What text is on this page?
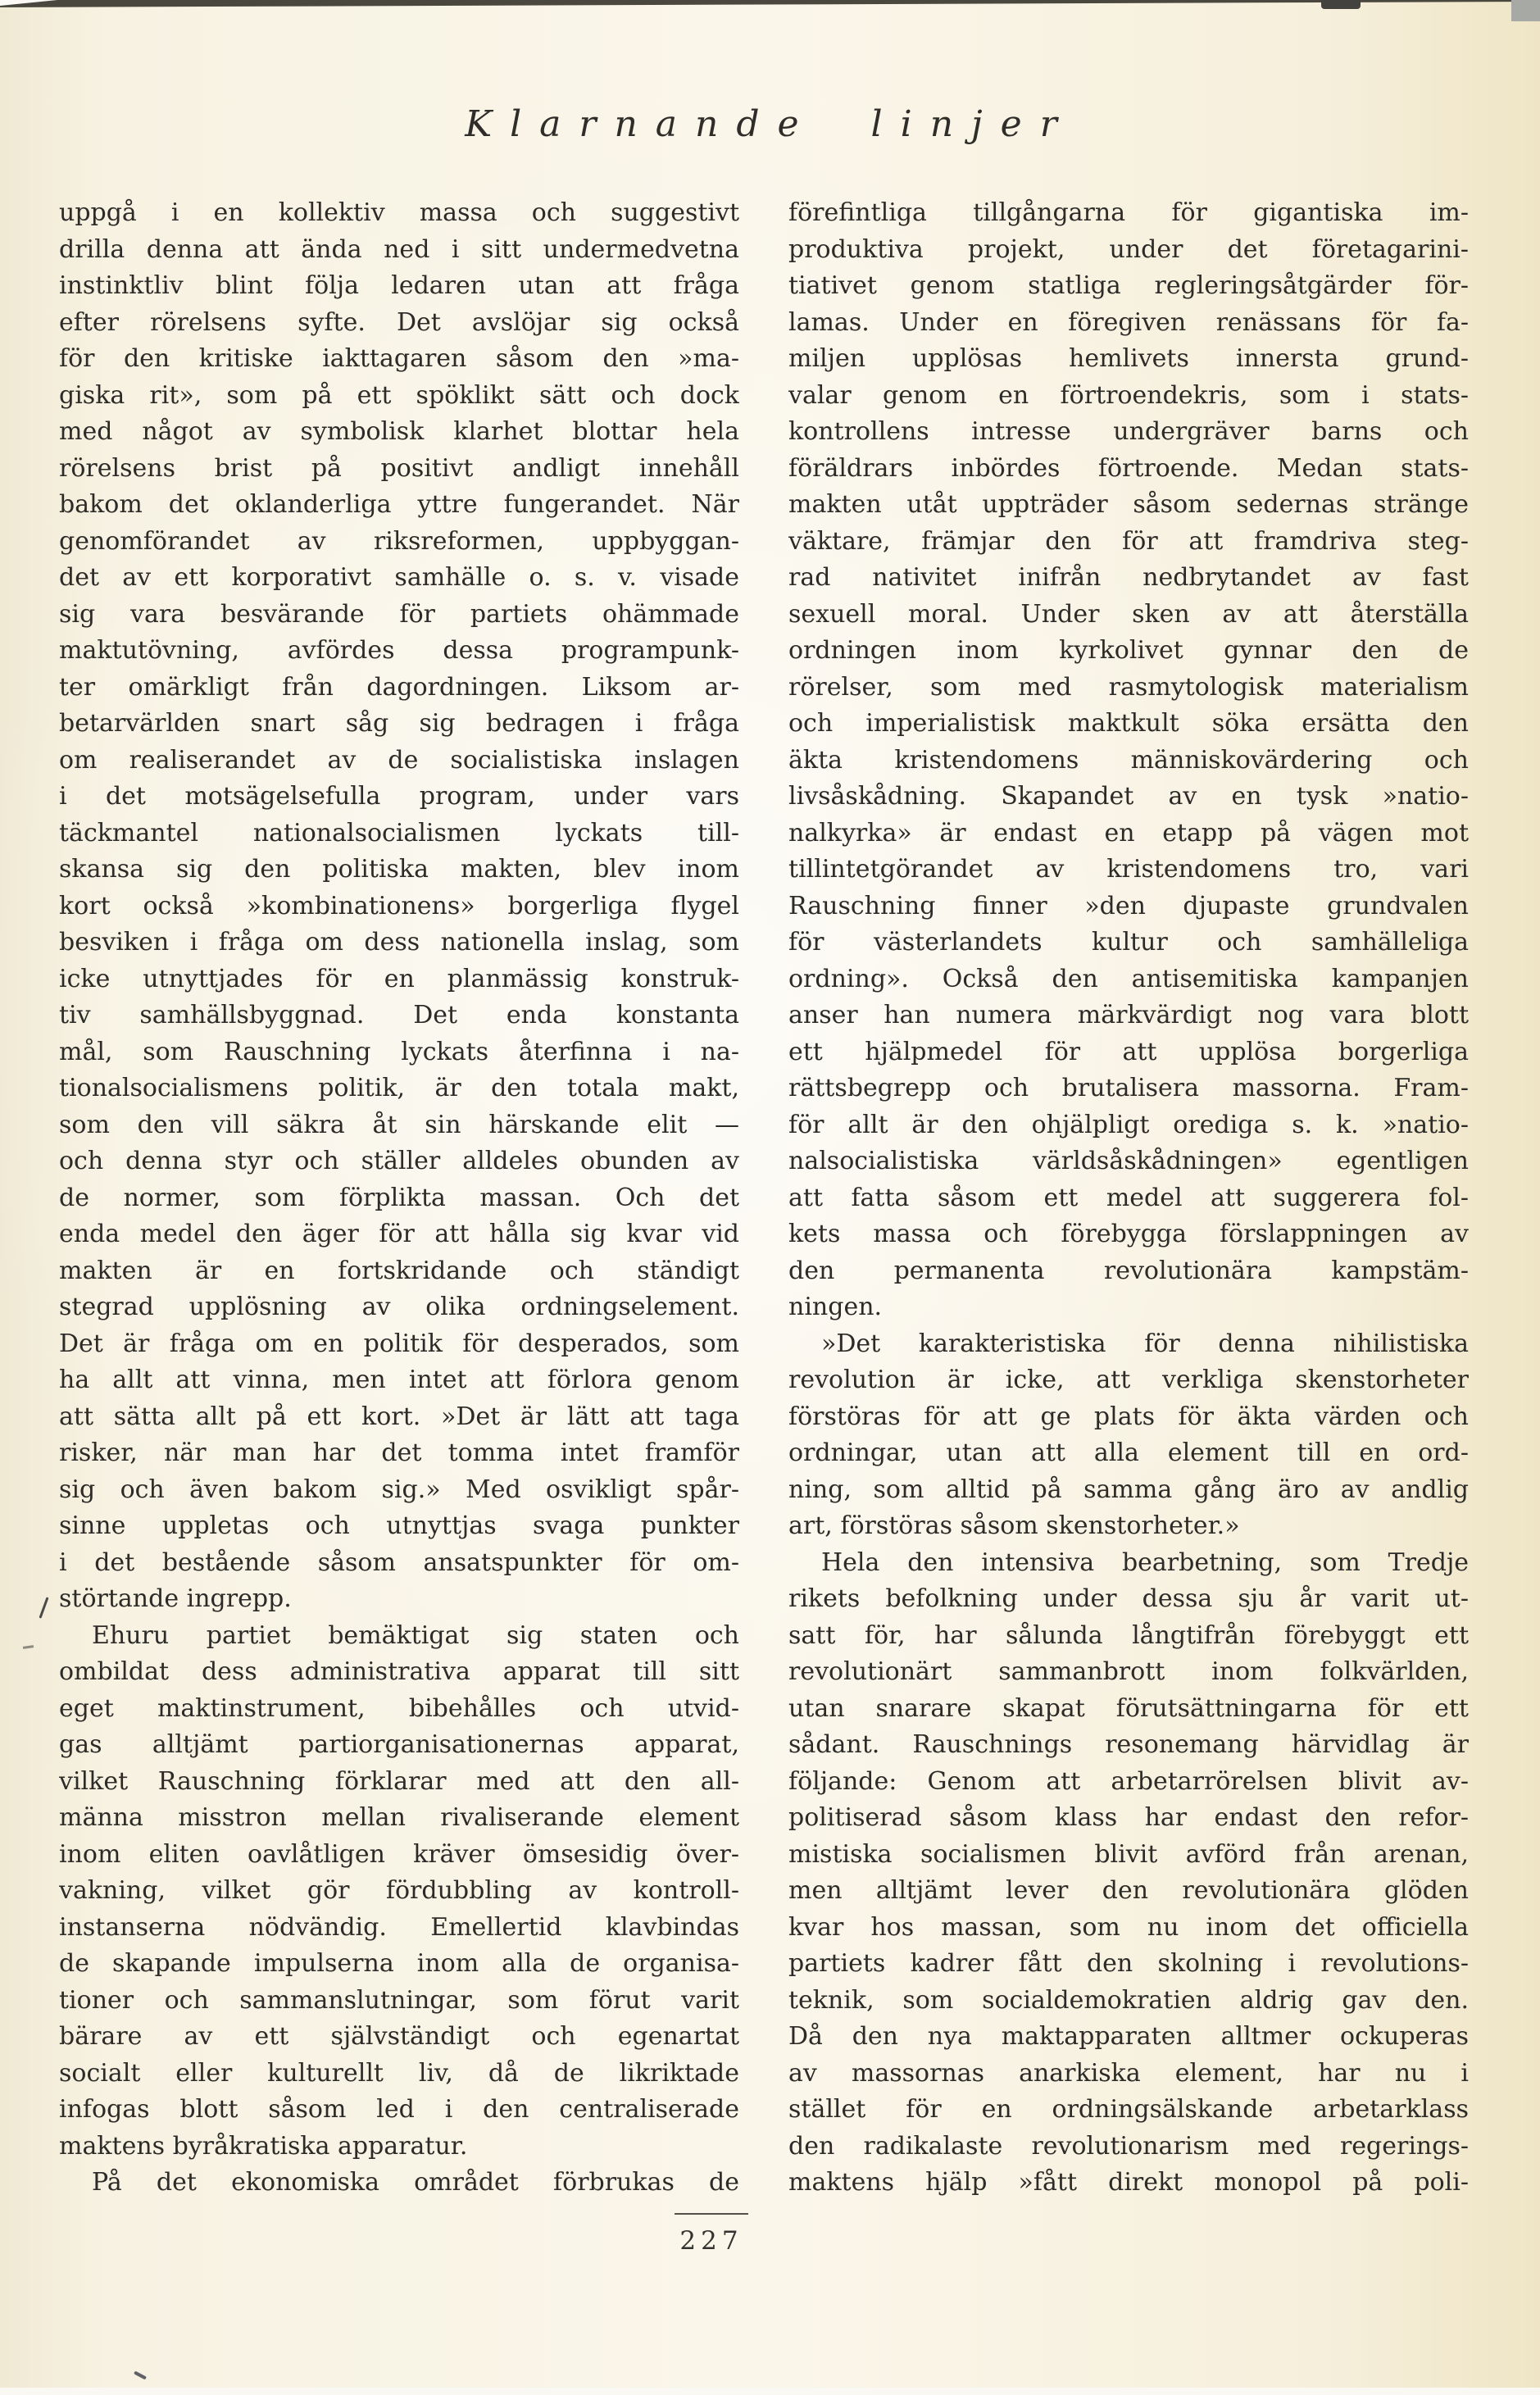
Klarnande linjer
uppgå i en kollektiv massa och suggestivt
drilla denna att ända ned i sitt undermedvetna
instinktliv blint följa ledaren utan att fråga
efter rörelsens syfte. Det avslöjar sig också
för den kritiske iakttagaren såsom den »ma-
giska rit», som på ett spöklikt sätt och dock
med något av symbolisk klarhet blottar hela
rörelsens brist på positivt andligt innehåll
bakom det oklanderliga yttre fungerandet. När
genomförandet av riksreformen, uppbyggan-
det av ett korporativt samhälle o. s. v. visade
sig vara besvärande för partiets ohämmade
maktutövning, avfördes dessa programpunk-
ter omärkligt från dagordningen. Liksom ar-
betarvärlden snart såg sig bedragen i fråga
om realiserandet av de socialistiska inslagen
i det motsägelsefulla program, under vars
täckmantel nationalsocialismen lyckats till-
skansa sig den politiska makten, blev inom
kort också »kombinationens» borgerliga flygel
besviken i fråga om dess nationella inslag, som
icke utnyttjades för en planmässig konstruk-
tiv samhällsbyggnad. Det enda konstanta
mål, som Rauschning lyckats återfinna i na-
tionalsocialismens politik, är den totala makt,
som den vill säkra åt sin härskande elit —
och denna styr och ställer alldeles obunden av
de normer, som förplikta massan. Och det
enda medel den äger för att hålla sig kvar vid
makten är en fortskridande och ständigt
stegrad upplösning av olika ordningselement.
Det är fråga om en politik för desperados, som
ha allt att vinna, men intet att förlora genom
att sätta allt på ett kort. »Det är lätt att taga
risker, när man har det tomma intet framför
sig och även bakom sig.» Med osvikligt spår-
sinne uppletas och utnyttjas svaga punkter
i det bestående såsom ansatspunkter för om-
störtande ingrepp.
Ehuru partiet bemäktigat sig staten och
ombildat dess administrativa apparat till sitt
eget maktinstrument, bibehålles och utvid-
gas alltjämt partiorganisationernas apparat,
vilket Rauschning förklarar med att den all-
männa misstron mellan rivaliserande element
inom eliten oavlåtligen kräver ömsesidig över-
vakning, vilket gör fördubbling av kontroll-
instanserna nödvändig. Emellertid klavbindas
de skapande impulserna inom alla de organisa-
tioner och sammanslutningar, som förut varit
bärare av ett självständigt och egenartat
socialt eller kulturellt liv, då de likriktade
infogas blott såsom led i den centraliserade
maktens byråkratiska apparatur.
På det ekonomiska området förbrukas de
förefintliga tillgångarna för gigantiska im-
produktiva projekt, under det företagarini-
tiativet genom statliga regleringsåtgärder för-
lamas. Under en föregiven renässans för fa-
miljen upplösas hemlivets innersta grund-
valar genom en förtroendekris, som i stats-
kontrollens intresse undergräver barns och
föräldrars inbördes förtroende. Medan stats-
makten utåt uppträder såsom sedernas stränge
väktare, främjar den för att framdriva steg-
rad nativitet inifrån nedbrytandet av fast
sexuell moral. Under sken av att återställa
ordningen inom kyrkolivet gynnar den de
rörelser, som med rasmytologisk materialism
och imperialistisk maktkult söka ersätta den
äkta kristendomens människovärdering och
livsåskådning. Skapandet av en tysk »natio-
nalkyrka» är endast en etapp på vägen mot
tillintetgörandet av kristendomens tro, vari
Rauschning finner »den djupaste grundvalen
för västerlandets kultur och samhälleliga
ordning». Också den antisemitiska kampanjen
anser han numera märkvärdigt nog vara blott
ett hjälpmedel för att upplösa borgerliga
rättsbegrepp och brutalisera massorna. Fram-
för allt är den ohjälpligt orediga s. k. »natio-
nalsocialistiska världsåskådningen» egentligen
att fatta såsom ett medel att suggerera fol-
kets massa och förebygga förslappningen av
den permanenta revolutionära kampstäm-
ningen.
»Det karakteristiska för denna nihilistiska
revolution är icke, att verkliga skenstorheter
förstöras för att ge plats för äkta värden och
ordningar, utan att alla element till en ord-
ning, som alltid på samma gång äro av andlig
art, förstöras såsom skenstorheter.»
Hela den intensiva bearbetning, som Tredje
rikets befolkning under dessa sju år varit ut-
satt för, har sålunda långtifrån förebyggt ett
revolutionärt sammanbrott inom folkvärlden,
utan snarare skapat förutsättningarna för ett
sådant. Rauschnings resonemang härvidlag är
följande: Genom att arbetarrörelsen blivit av-
politiserad såsom klass har endast den refor-
mistiska socialismen blivit avförd från arenan,
men alltjämt lever den revolutionära glöden
kvar hos massan, som nu inom det officiella
partiets kadrer fått den skolning i revolutions-
teknik, som socialdemokratien aldrig gav den.
Då den nya maktapparaten alltmer ockuperas
av massornas anarkiska element, har nu i
stället för en ordningsälskande arbetarklass
den radikalaste revolutionarism med regerings-
maktens hjälp »fått direkt monopol på poli-
227
